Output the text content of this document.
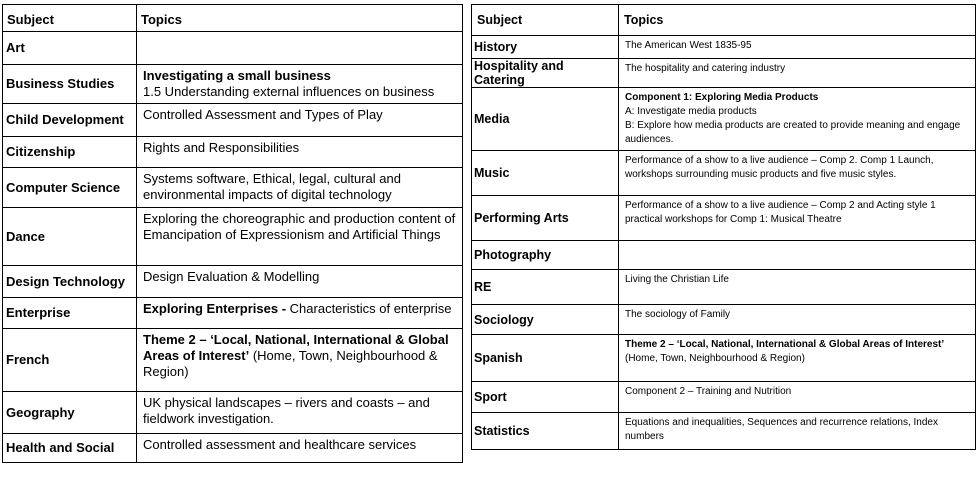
Subject	Topics
Art	
Business Studies	Investigating a small business
1.5 Understanding external influences on business

Child Development	Controlled Assessment and Types of Play

Citizenship	Rights and Responsibilities

Computer Science	Systems software, Ethical, legal, cultural and environmental impacts of digital technology

Dance	Exploring the choreographic and production content of Emancipation of Expressionism and Artificial Things

Design Technology	Design Evaluation & Modelling

Enterprise	Exploring Enterprises - Characteristics of enterprise

French	Theme 2 – ‘Local, National, International & Global Areas of Interest’ (Home, Town, Neighbourhood & Region)

Geography	UK physical landscapes – rivers and coasts – and fieldwork investigation.

Health and Social	Controlled assessment and healthcare services
Subject	Topics
History	The American West 1835-95

Hospitality and Catering	The hospitality and catering industry

Media	Component 1: Exploring Media Products
A: Investigate media products
B: Explore how media products are created to provide meaning and engage audiences.

Music	Performance of a show to a live audience – Comp 2. Comp 1 Launch, workshops surrounding music products and five music styles.

Performing Arts	Performance of a show to a live audience – Comp 2 and Acting style 1 practical workshops for Comp 1: Musical Theatre

Photography	
RE	Living the Christian Life

Sociology	The sociology of Family

Spanish	Theme 2 – ‘Local, National, International & Global Areas of Interest’
(Home, Town, Neighbourhood & Region)

Sport	Component 2 – Training and Nutrition

Statistics	Equations and inequalities, Sequences and recurrence relations, Index numbers
